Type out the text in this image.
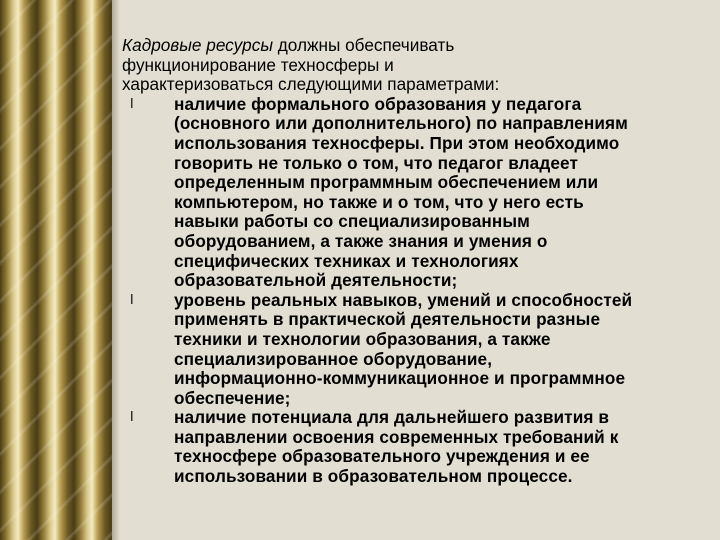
Кадровые ресурсы должны обеспечивать
функционирование техносферы и
характеризоваться следующими параметрами:

l наличие формального образования у педагога
(основного или дополнительного) по направлениям
использования техносферы. При этом необходимо
говорить не только о том, что педагог владеет
определенным программным обеспечением или
компьютером, но также и о том, что у него есть
навыки работы со специализированным
оборудованием, а также знания и умения о
специфических техниках и технологиях
образовательной деятельности;
l уровень реальных навыков, умений и способностей
применять в практической деятельности разные
техники и технологии образования, а также
специализированное оборудование,
информационно-коммуникационное и программное
обеспечение;
l наличие потенциала для дальнейшего развития в
направлении освоения современных требований к
техносфере образовательного учреждения и ее
использовании в образовательном процессе.
